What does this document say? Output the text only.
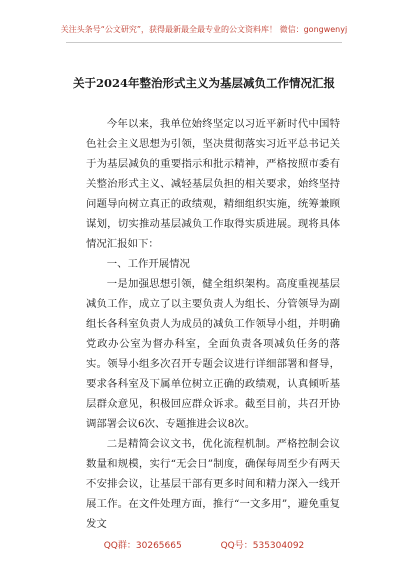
关注头条号“公文研究”，获得最新最全最专业的公文资料库！ 微信：gongwenyj
关于2024年整治形式主义为基层减负工作情况汇报

今年以来，我单位始终坚定以习近平新时代中国特色社会主义思想为引领，坚决贯彻落实习近平总书记关于为基层减负的重要指示和批示精神，严格按照市委有关整治形式主义、减轻基层负担的相关要求，始终坚持问题导向树立真正的政绩观，精细组织实施，统筹兼顾谋划，切实推动基层减负工作取得实质进展。现将具体情况汇报如下：

一、工作开展情况

一是加强思想引领，健全组织架构。高度重视基层减负工作，成立了以主要负责人为组长、分管领导为副组长各科室负责人为成员的减负工作领导小组，并明确党政办公室为督办科室，全面负责各项减负任务的落实。领导小组多次召开专题会议进行详细部署和督导，要求各科室及下属单位树立正确的政绩观，认真倾听基层群众意见，积极回应群众诉求。截至目前，共召开协调部署会议6次、专题推进会议8次。

二是精简会议文书，优化流程机制。严格控制会议数量和规模，实行“无会日”制度，确保每周至少有两天不安排会议，让基层干部有更多时间和精力深入一线开展工作。在文件处理方面，推行“一文多用”，避免重复发文

QQ群：30265665	QQ号：535304092
